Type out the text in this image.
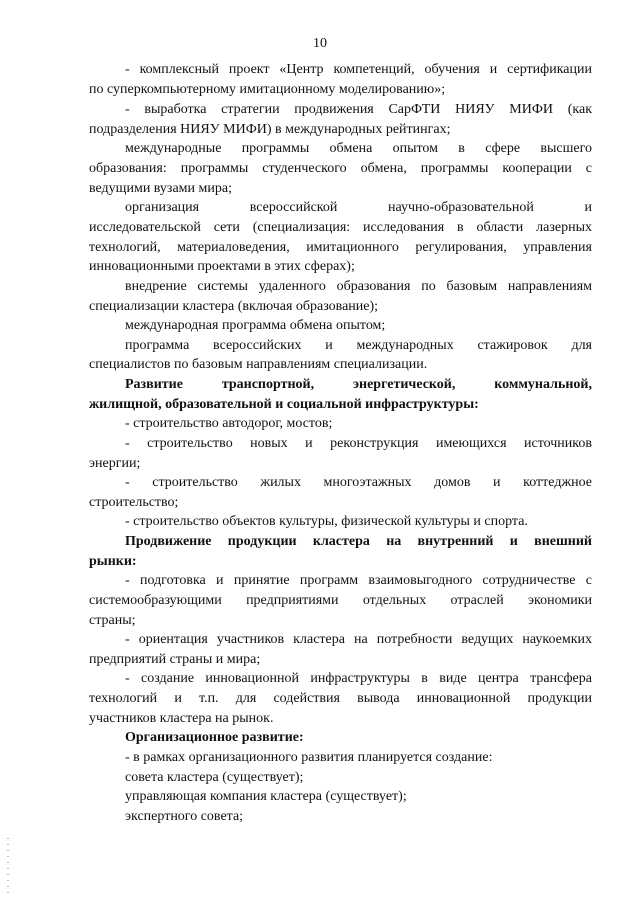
10
- комплексный проект «Центр компетенций, обучения и сертификации
по суперкомпьютерному имитационному моделированию»;
- выработка стратегии продвижения СарФТИ НИЯУ МИФИ (как
подразделения НИЯУ МИФИ) в международных рейтингах;
международные программы обмена опытом в сфере высшего
образования: программы студенческого обмена, программы кооперации с
ведущими вузами мира;
организация всероссийской научно-образовательной и
исследовательской сети (специализация: исследования в области лазерных
технологий, материаловедения, имитационного регулирования, управления
инновационными проектами в этих сферах);
внедрение системы удаленного образования по базовым направлениям
специализации кластера (включая образование);
международная программа обмена опытом;
программа всероссийских и международных стажировок для
специалистов по базовым направлениям специализации.
Развитие транспортной, энергетической, коммунальной,
жилищной, образовательной и социальной инфраструктуры:
- строительство автодорог, мостов;
- строительство новых и реконструкция имеющихся источников
энергии;
- строительство жилых многоэтажных домов и коттеджное
строительство;
- строительство объектов культуры, физической культуры и спорта.
Продвижение продукции кластера на внутренний и внешний
рынки:
- подготовка и принятие программ взаимовыгодного сотрудничестве с
системообразующими предприятиями отдельных отраслей экономики
страны;
- ориентация участников кластера на потребности ведущих наукоемких
предприятий страны и мира;
- создание инновационной инфраструктуры в виде центра трансфера
технологий и т.п. для содействия вывода инновационной продукции
участников кластера на рынок.
Организационное развитие:
- в рамках организационного развития планируется создание:
совета кластера (существует);
управляющая компания кластера (существует);
экспертного совета;
